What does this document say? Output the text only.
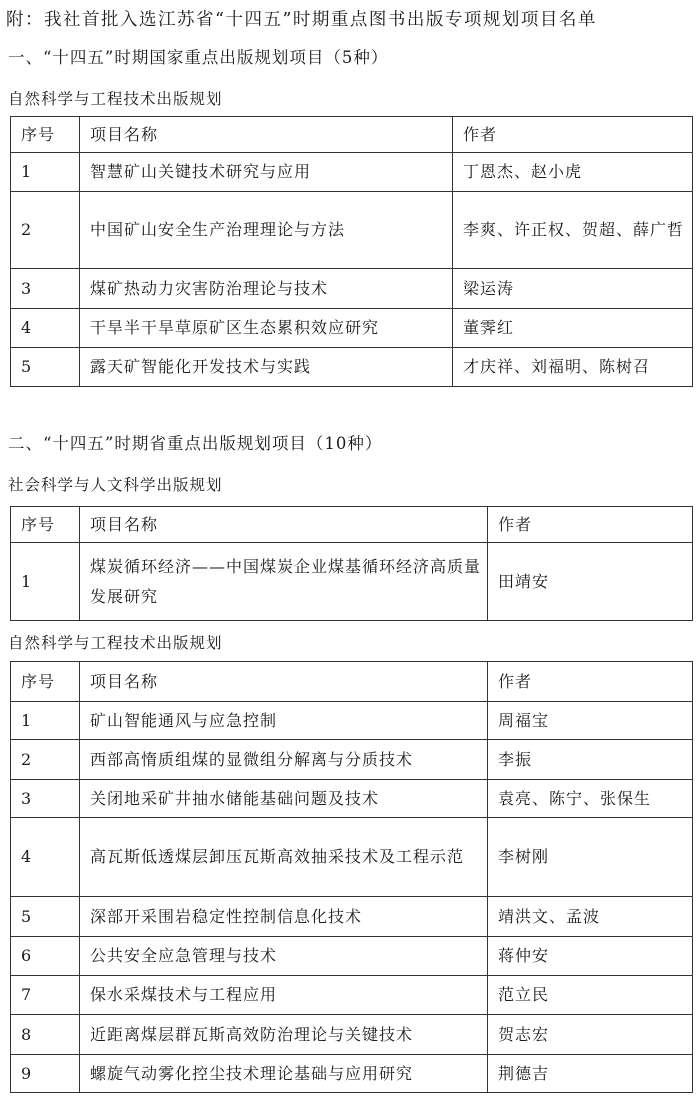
附：我社首批入选江苏省“十四五”时期重点图书出版专项规划项目名单
一、“十四五”时期国家重点出版规划项目（5种）
自然科学与工程技术出版规划
序号	项目名称	作者
1	智慧矿山关键技术研究与应用	丁恩杰、赵小虎
2	中国矿山安全生产治理理论与方法	李爽、许正权、贺超、薛广哲
3	煤矿热动力灾害防治理论与技术	梁运涛
4	干旱半干旱草原矿区生态累积效应研究	董霁红
5	露天矿智能化开发技术与实践	才庆祥、刘福明、陈树召
二、“十四五”时期省重点出版规划项目（10种）
社会科学与人文科学出版规划
序号	项目名称	作者
1	煤炭循环经济——中国煤炭企业煤基循环经济高质量发展研究	田靖安
自然科学与工程技术出版规划
序号	项目名称	作者
1	矿山智能通风与应急控制	周福宝
2	西部高惰质组煤的显微组分解离与分质技术	李振
3	关闭地采矿井抽水储能基础问题及技术	袁亮、陈宁、张保生
4	高瓦斯低透煤层卸压瓦斯高效抽采技术及工程示范	李树刚
5	深部开采围岩稳定性控制信息化技术	靖洪文、孟波
6	公共安全应急管理与技术	蒋仲安
7	保水采煤技术与工程应用	范立民
8	近距离煤层群瓦斯高效防治理论与关键技术	贺志宏
9	螺旋气动雾化控尘技术理论基础与应用研究	荆德吉
